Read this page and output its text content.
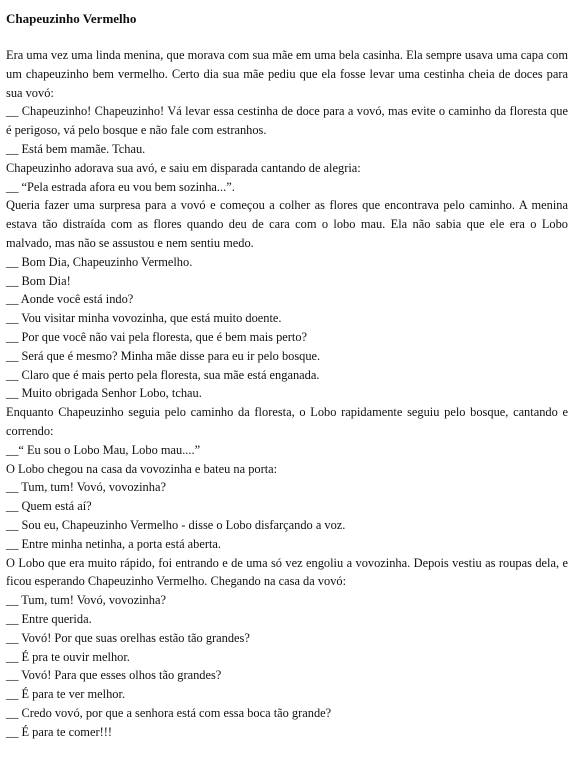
Chapeuzinho Vermelho

Era uma vez uma linda menina, que morava com sua mãe em uma bela casinha. Ela sempre usava uma capa com um chapeuzinho bem vermelho. Certo dia sua mãe pediu que ela fosse levar uma cestinha cheia de doces para sua vovó:

__ Chapeuzinho! Chapeuzinho! Vá levar essa cestinha de doce para a vovó, mas evite o caminho da floresta que é perigoso, vá pelo bosque e não fale com estranhos.

__ Está bem mamãe. Tchau.

Chapeuzinho adorava sua avó, e saiu em disparada cantando de alegria:

__ “Pela estrada afora eu vou bem sozinha...”.

Queria fazer uma surpresa para a vovó e começou a colher as flores que encontrava pelo caminho. A menina estava tão distraída com as flores quando deu de cara com o lobo mau. Ela não sabia que ele era o Lobo malvado, mas não se assustou e nem sentiu medo.

__ Bom Dia, Chapeuzinho Vermelho.

__ Bom Dia!

__ Aonde você está indo?

__ Vou visitar minha vovozinha, que está muito doente.

__ Por que você não vai pela floresta, que é bem mais perto?

__ Será que é mesmo? Minha mãe disse para eu ir pelo bosque.

__ Claro que é mais perto pela floresta, sua mãe está enganada.

__ Muito obrigada Senhor Lobo, tchau.

Enquanto Chapeuzinho seguia pelo caminho da floresta, o Lobo rapidamente seguiu pelo bosque, cantando e correndo:

__“ Eu sou o Lobo Mau, Lobo mau....”

O Lobo chegou na casa da vovozinha e bateu na porta:

__ Tum, tum! Vovó, vovozinha?

__ Quem está aí?

__ Sou eu, Chapeuzinho Vermelho - disse o Lobo disfarçando a voz.

__ Entre minha netinha, a porta está aberta.

O Lobo que era muito rápido, foi entrando e de uma só vez engoliu a vovozinha. Depois vestiu as roupas dela, e ficou esperando Chapeuzinho Vermelho. Chegando na casa da vovó:

__ Tum, tum! Vovó, vovozinha?

__ Entre querida.

__ Vovó! Por que suas orelhas estão tão grandes?

__ É pra te ouvir melhor.

__ Vovó! Para que esses olhos tão grandes?

__ É para te ver melhor.

__ Credo vovó, por que a senhora está com essa boca tão grande?

__ É para te comer!!!
